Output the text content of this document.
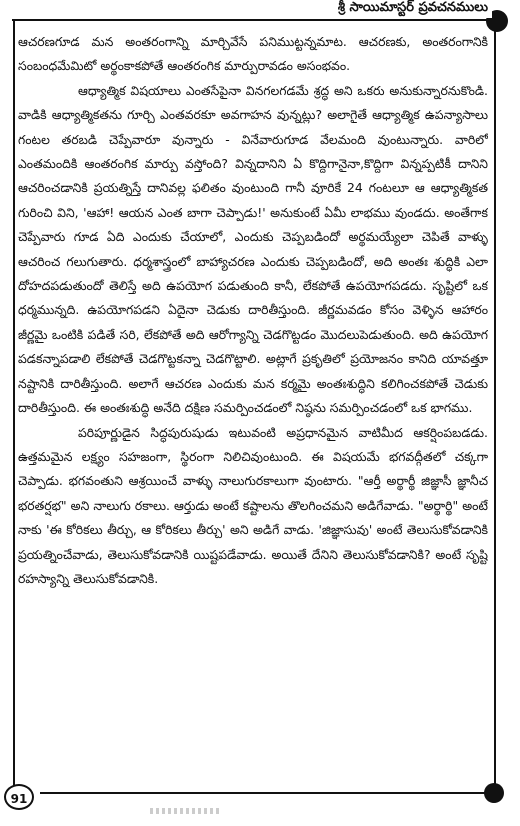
శ్రీ సాయిమాస్టర్ ప్రవచనములు

ఆచరణగూడ మన అంతరంగాన్ని మార్చివేసే పనిముట్టన్నమాట. ఆచరణకు, అంతరంగానికి సంబంధమేమిటో అర్థంకాకపోతే ఆంతరంగిక మార్పురావడం అసంభవం.

ఆధ్యాత్మిక విషయాలు ఎంతసేపైనా వినగలగడమే శ్రద్ధ అని ఒకరు అనుకున్నారనుకొండి. వాడికి ఆధ్యాత్మికతను గూర్చి ఎంతవరకూ అవగాహన వున్నట్లు? అలాగైతే ఆధ్యాత్మిక ఉపన్యాసాలు గంటల తరబడి చెప్పేవారూ వున్నారు - వినేవారుగూడ వేలమంది వుంటున్నారు. వారిలో ఎంతమందికి ఆంతరంగిక మార్పు వస్తోంది? విన్నదానిని ఏ కొద్దిగానైనా,కొద్దిగా విన్నప్పటికీ దానిని ఆచరించడానికి ప్రయత్నిస్తే దానివల్ల ఫలితం వుంటుంది గానీ వూరికే 24 గంటలూ ఆ ఆధ్యాత్మికత గురించి విని, 'ఆహా! ఆయన ఎంత బాగా చెప్పాడు!' అనుకుంటే ఏమీ లాభము వుండదు. అంతేగాక చెప్పేవారు గూడ ఏది ఎందుకు చేయాలో, ఎందుకు చెప్పబడిందో అర్థమయ్యేలా చెపితే వాళ్ళు ఆచరించ గలుగుతారు. ధర్మశాస్త్రంలో బాహ్యాచరణ ఎందుకు చెప్పబడిందో, అది అంతః శుద్ధికి ఎలా దోహదపడుతుందో తెలిస్తే అది ఉపయోగ పడుతుంది కానీ, లేకపోతే ఉపయోగపడదు. సృష్టిలో ఒక ధర్మమున్నది. ఉపయోగపడని ఏదైనా చెడుకు దారితీస్తుంది. జీర్ణమవడం కోసం వెళ్ళిన ఆహారం జీర్ణమై ఒంటికి పడితే సరి, లేకపోతే అది ఆరోగ్యాన్ని చెడగొట్టడం మొదలుపెడుతుంది. అది ఉపయోగ పడకన్నాపడాలి లేకపోతే చెడగొట్టకన్నా చెడగొట్టాలి. అట్లాగే ప్రకృతిలో ప్రయోజనం కానిది యావత్తూ నష్టానికి దారితీస్తుంది. అలాగే ఆచరణ ఎందుకు మన కర్మమై అంతఃశుద్ధిని కలిగించకపోతే చెడుకు దారితీస్తుంది. ఈ అంతఃశుద్ధి అనేది దక్షిణ సమర్పించడంలో నిష్ఠను సమర్పించడంలో ఒక భాగము.

పరిపూర్ణుడైన సిద్ధపురుషుడు ఇటువంటి అప్రధానమైన వాటిమీద ఆకర్షింపబడడు. ఉత్తమమైన లక్ష్యం సహజంగా, స్థిరంగా నిలిచివుంటుంది. ఈ విషయమే భగవద్గీతలో చక్కగా చెప్పాడు. భగవంతుని ఆశ్రయించే వాళ్ళు నాలుగురకాలుగా వుంటారు. "ఆర్తీ అర్థార్థీ జిజ్ఞాసీ జ్ఞానీచ భరతర్షభ" అని నాలుగు రకాలు. ఆర్తుడు అంటే కష్టాలను తొలగించమని అడిగేవాడు. "అర్థార్థి" అంటే నాకు 'ఈ కోరికలు తీర్చు, ఆ కోరికలు తీర్చు' అని అడిగే వాడు. 'జిజ్ఞాసువు' అంటే తెలుసుకోవడానికి ప్రయత్నించేవాడు, తెలుసుకోవడానికి యిష్టపడేవాడు. అయితే దేనిని తెలుసుకోవడానికి? అంటే సృష్టి రహస్యాన్ని తెలుసుకోవడానికి.

91
